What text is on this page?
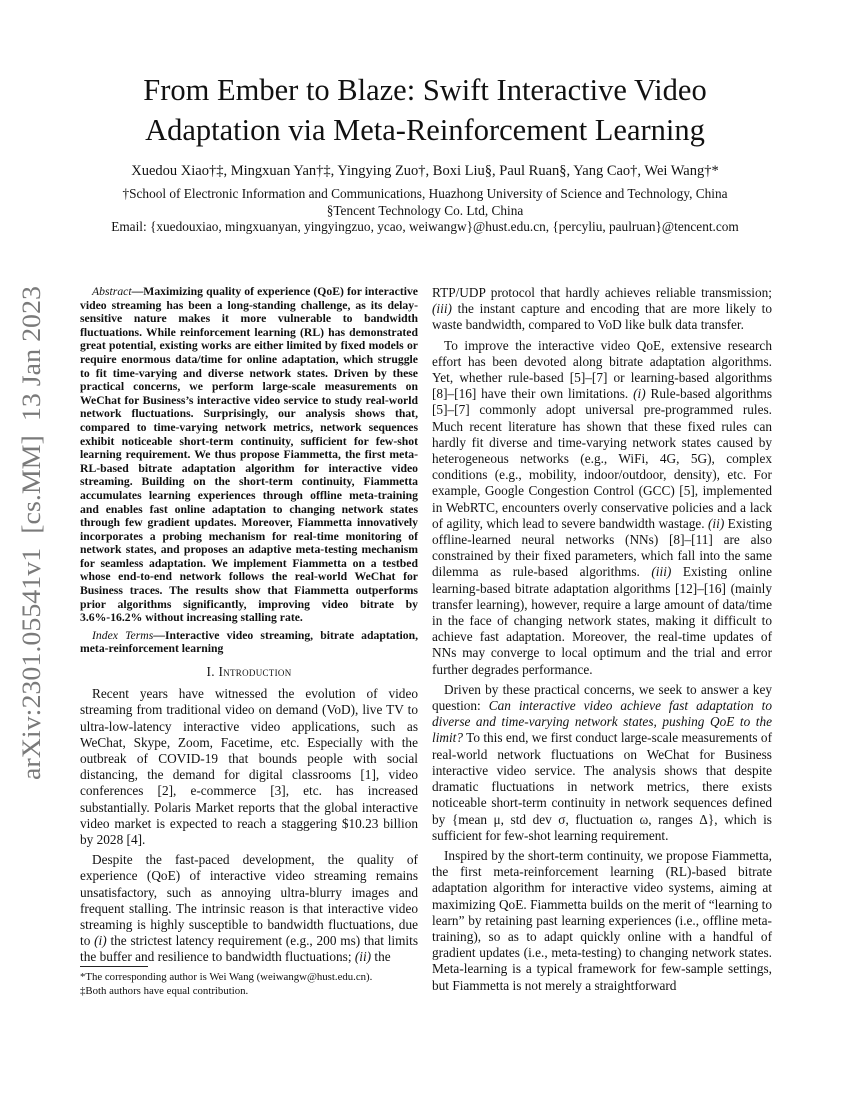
arXiv:2301.05541v1  [cs.MM]  13 Jan 2023
From Ember to Blaze: Swift Interactive Video
Adaptation via Meta-Reinforcement Learning
Xuedou Xiao†‡, Mingxuan Yan†‡, Yingying Zuo†, Boxi Liu§, Paul Ruan§, Yang Cao†, Wei Wang†*
†School of Electronic Information and Communications, Huazhong University of Science and Technology, China
§Tencent Technology Co. Ltd, China
Email: {xuedouxiao, mingxuanyan, yingyingzuo, ycao, weiwangw}@hust.edu.cn, {percyliu, paulruan}@tencent.com

Abstract—Maximizing quality of experience (QoE) for interactive video streaming has been a long-standing challenge, as its delay-sensitive nature makes it more vulnerable to bandwidth fluctuations. While reinforcement learning (RL) has demonstrated great potential, existing works are either limited by fixed models or require enormous data/time for online adaptation, which struggle to fit time-varying and diverse network states. Driven by these practical concerns, we perform large-scale measurements on WeChat for Business’s interactive video service to study real-world network fluctuations. Surprisingly, our analysis shows that, compared to time-varying network metrics, network sequences exhibit noticeable short-term continuity, sufficient for few-shot learning requirement. We thus propose Fiammetta, the first meta-RL-based bitrate adaptation algorithm for interactive video streaming. Building on the short-term continuity, Fiammetta accumulates learning experiences through offline meta-training and enables fast online adaptation to changing network states through few gradient updates. Moreover, Fiammetta innovatively incorporates a probing mechanism for real-time monitoring of network states, and proposes an adaptive meta-testing mechanism for seamless adaptation. We implement Fiammetta on a testbed whose end-to-end network follows the real-world WeChat for Business traces. The results show that Fiammetta outperforms prior algorithms significantly, improving video bitrate by 3.6%-16.2% without increasing stalling rate.

Index Terms—Interactive video streaming, bitrate adaptation, meta-reinforcement learning

I. Introduction

Recent years have witnessed the evolution of video streaming from traditional video on demand (VoD), live TV to ultra-low-latency interactive video applications, such as WeChat, Skype, Zoom, Facetime, etc. Especially with the outbreak of COVID-19 that bounds people with social distancing, the demand for digital classrooms [1], video conferences [2], e-commerce [3], etc. has increased substantially. Polaris Market reports that the global interactive video market is expected to reach a staggering $10.23 billion by 2028 [4].

Despite the fast-paced development, the quality of experience (QoE) of interactive video streaming remains unsatisfactory, such as annoying ultra-blurry images and frequent stalling. The intrinsic reason is that interactive video streaming is highly susceptible to bandwidth fluctuations, due to (i) the strictest latency requirement (e.g., 200 ms) that limits the buffer and resilience to bandwidth fluctuations; (ii) the

*The corresponding author is Wei Wang (weiwangw@hust.edu.cn).
‡Both authors have equal contribution.

RTP/UDP protocol that hardly achieves reliable transmission; (iii) the instant capture and encoding that are more likely to waste bandwidth, compared to VoD like bulk data transfer.

To improve the interactive video QoE, extensive research effort has been devoted along bitrate adaptation algorithms. Yet, whether rule-based [5]–[7] or learning-based algorithms [8]–[16] have their own limitations. (i) Rule-based algorithms [5]–[7] commonly adopt universal pre-programmed rules. Much recent literature has shown that these fixed rules can hardly fit diverse and time-varying network states caused by heterogeneous networks (e.g., WiFi, 4G, 5G), complex conditions (e.g., mobility, indoor/outdoor, density), etc. For example, Google Congestion Control (GCC) [5], implemented in WebRTC, encounters overly conservative policies and a lack of agility, which lead to severe bandwidth wastage. (ii) Existing offline-learned neural networks (NNs) [8]–[11] are also constrained by their fixed parameters, which fall into the same dilemma as rule-based algorithms. (iii) Existing online learning-based bitrate adaptation algorithms [12]–[16] (mainly transfer learning), however, require a large amount of data/time in the face of changing network states, making it difficult to achieve fast adaptation. Moreover, the real-time updates of NNs may converge to local optimum and the trial and error further degrades performance.

Driven by these practical concerns, we seek to answer a key question: Can interactive video achieve fast adaptation to diverse and time-varying network states, pushing QoE to the limit? To this end, we first conduct large-scale measurements of real-world network fluctuations on WeChat for Business interactive video service. The analysis shows that despite dramatic fluctuations in network metrics, there exists noticeable short-term continuity in network sequences defined by {mean μ, std dev σ, fluctuation ω, ranges Δ}, which is sufficient for few-shot learning requirement.

Inspired by the short-term continuity, we propose Fiammetta, the first meta-reinforcement learning (RL)-based bitrate adaptation algorithm for interactive video systems, aiming at maximizing QoE. Fiammetta builds on the merit of “learning to learn” by retaining past learning experiences (i.e., offline meta-training), so as to adapt quickly online with a handful of gradient updates (i.e., meta-testing) to changing network states. Meta-learning is a typical framework for few-sample settings, but Fiammetta is not merely a straightforward
